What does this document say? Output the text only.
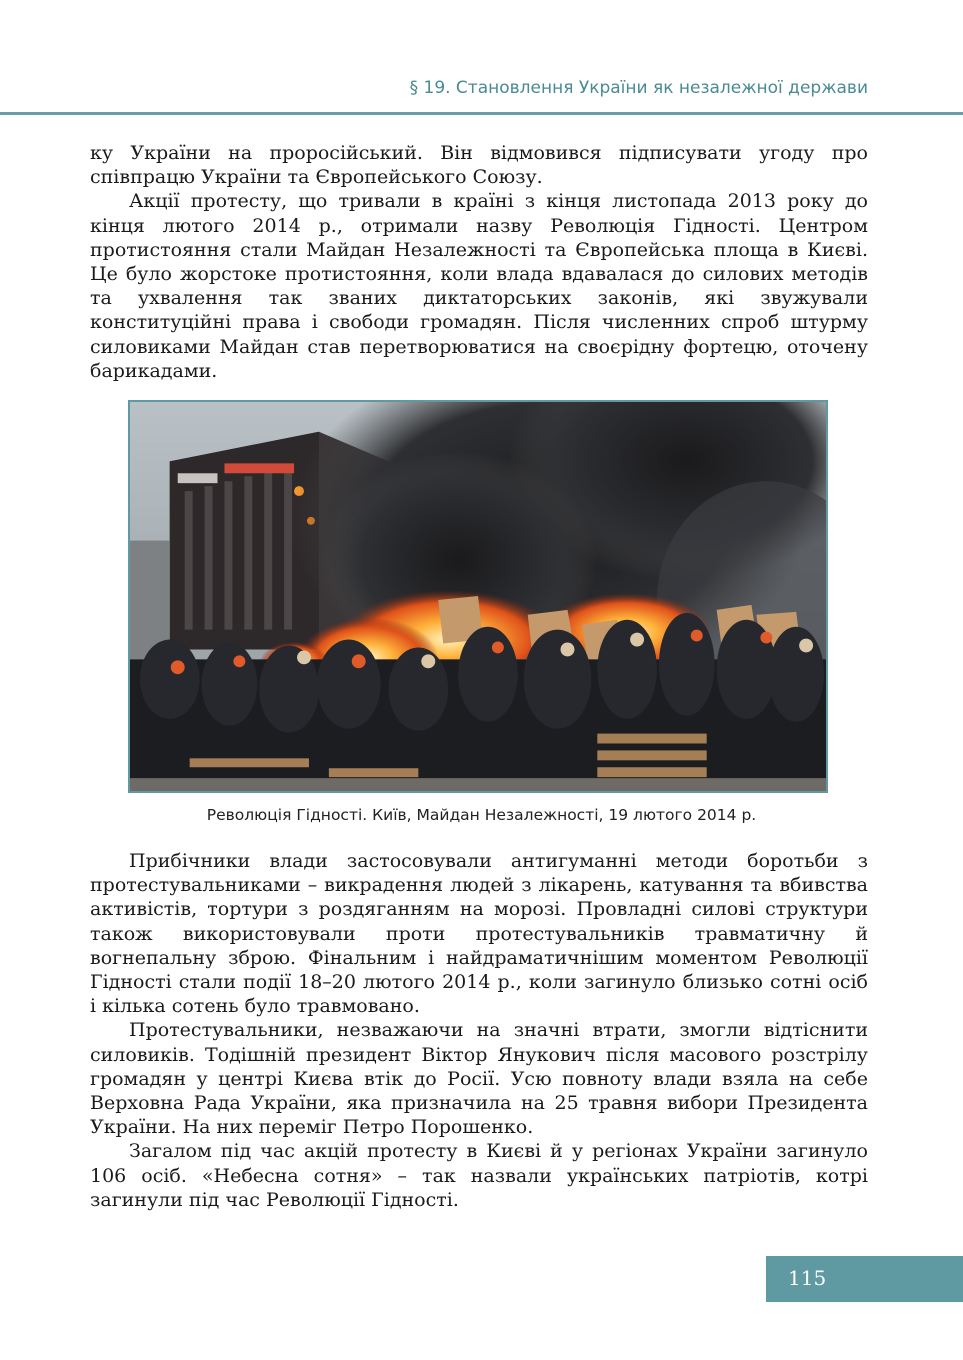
§ 19. Становлення України як незалежної держави

ку України на проросійський. Він відмовився підписувати угоду про співпрацю України та Європейського Союзу.

Акції протесту, що тривали в країні з кінця листопада 2013 року до кінця лютого 2014 р., отримали назву Революція Гідності. Центром протистояння стали Майдан Незалежності та Європейська площа в Києві. Це було жорстоке протистояння, коли влада вдавалася до силових методів та ухвалення так званих диктаторських законів, які звужували конституційні права і свободи громадян. Після численних спроб штурму силовиками Майдан став перетворюватися на своєрідну фортецю, оточену барикадами.

Революція Гідності. Київ, Майдан Незалежності, 19 лютого 2014 р.

Прибічники влади застосовували антигуманні методи боротьби з протестувальниками – викрадення людей з лікарень, катування та вбивства активістів, тортури з роздяганням на морозі. Провладні силові структури також використовували проти протестувальників травматичну й вогнепальну зброю. Фінальним і найдраматичнішим моментом Революції Гідності стали події 18–20 лютого 2014 р., коли загинуло близько сотні осіб і кілька сотень було травмовано.

Протестувальники, незважаючи на значні втрати, змогли відтіснити силовиків. Тодішній президент Віктор Янукович після масового розстрілу громадян у центрі Києва втік до Росії. Усю повноту влади взяла на себе Верховна Рада України, яка призначила на 25 травня вибори Президента України. На них переміг Петро Порошенко.

Загалом під час акцій протесту в Києві й у регіонах України загинуло 106 осіб. «Небесна сотня» – так назвали українських патріотів, котрі загинули під час Революції Гідності.

115
